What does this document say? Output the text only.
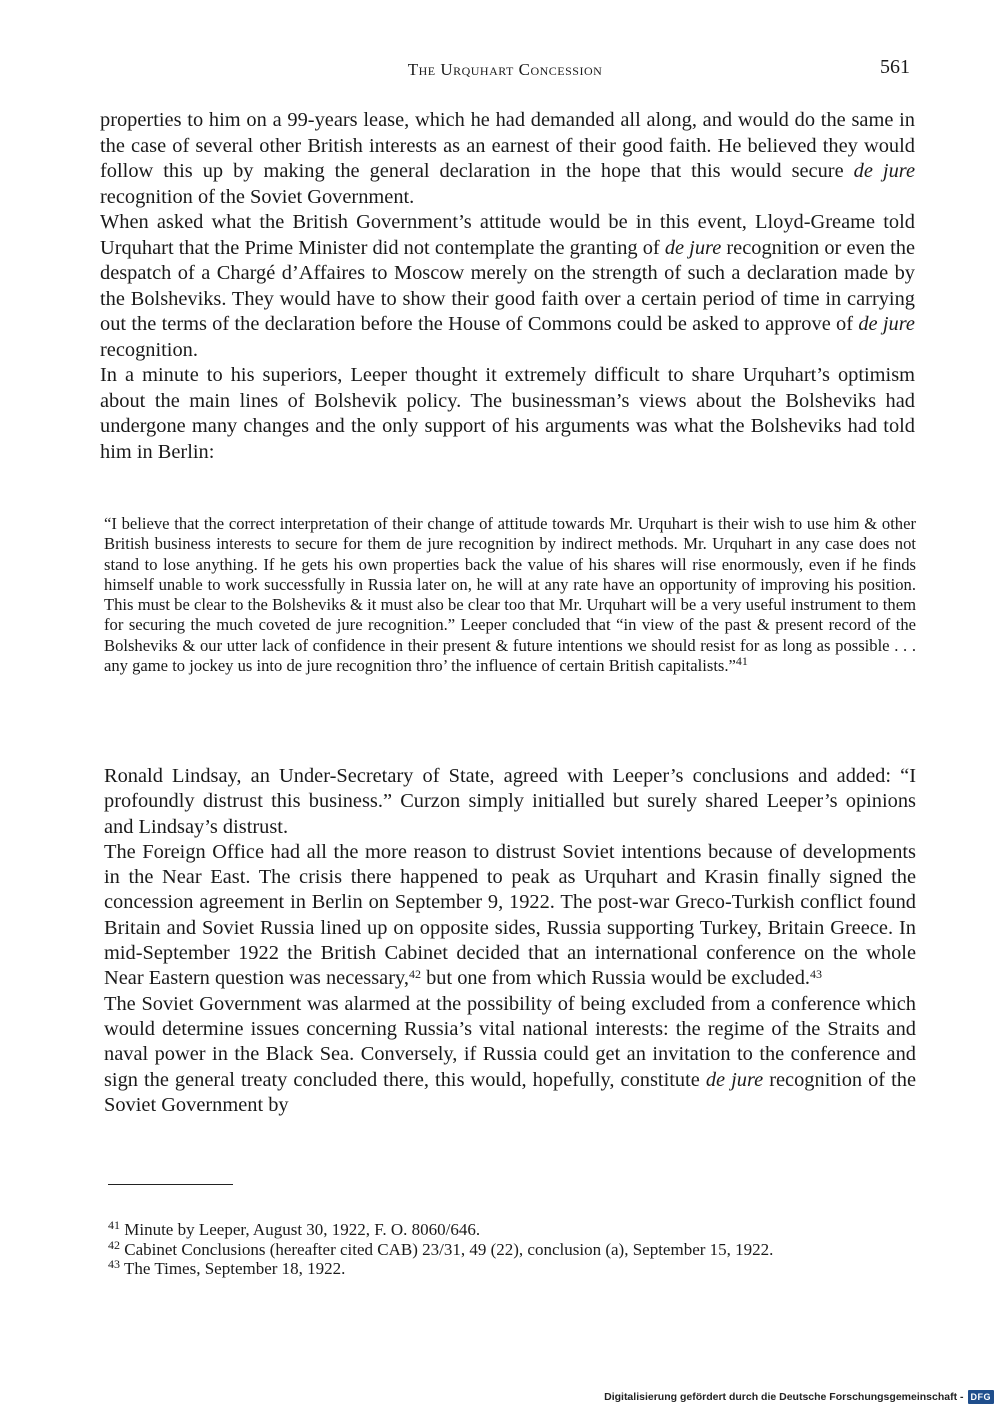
The Urquhart Concession	561

properties to him on a 99-years lease, which he had demanded all along, and would do the same in the case of several other British interests as an earnest of their good faith. He believed they would follow this up by making the general declaration in the hope that this would secure de jure recognition of the Soviet Government.

When asked what the British Government’s attitude would be in this event, Lloyd-Greame told Urquhart that the Prime Minister did not contemplate the granting of de jure recognition or even the despatch of a Chargé d’Affaires to Moscow merely on the strength of such a declaration made by the Bolsheviks. They would have to show their good faith over a certain period of time in carrying out the terms of the declaration before the House of Commons could be asked to approve of de jure recognition.

In a minute to his superiors, Leeper thought it extremely difficult to share Urquhart’s optimism about the main lines of Bolshevik policy. The businessman’s views about the Bolsheviks had undergone many changes and the only support of his arguments was what the Bolsheviks had told him in Berlin:

“I believe that the correct interpretation of their change of attitude towards Mr. Urquhart is their wish to use him & other British business interests to secure for them de jure recognition by indirect methods. Mr. Urquhart in any case does not stand to lose anything. If he gets his own properties back the value of his shares will rise enormously, even if he finds himself unable to work successfully in Russia later on, he will at any rate have an opportunity of improving his position. This must be clear to the Bolsheviks & it must also be clear too that Mr. Urquhart will be a very useful instrument to them for securing the much coveted de jure recognition.” Leeper concluded that “in view of the past & present record of the Bolsheviks & our utter lack of confidence in their present & future intentions we should resist for as long as possible . . . any game to jockey us into de jure recognition thro’ the influence of certain British capitalists.”$^{41}$

Ronald Lindsay, an Under-Secretary of State, agreed with Leeper’s conclusions and added: “I profoundly distrust this business.” Curzon simply initialled but surely shared Leeper’s opinions and Lindsay’s distrust.

The Foreign Office had all the more reason to distrust Soviet intentions because of developments in the Near East. The crisis there happened to peak as Urquhart and Krasin finally signed the concession agreement in Berlin on September 9, 1922. The post-war Greco-Turkish conflict found Britain and Soviet Russia lined up on opposite sides, Russia supporting Turkey, Britain Greece. In mid-September 1922 the British Cabinet decided that an international conference on the whole Near Eastern question was necessary,$^{42}$ but one from which Russia would be excluded.$^{43}$

The Soviet Government was alarmed at the possibility of being excluded from a conference which would determine issues concerning Russia’s vital national interests: the regime of the Straits and naval power in the Black Sea. Conversely, if Russia could get an invitation to the conference and sign the general treaty concluded there, this would, hopefully, constitute de jure recognition of the Soviet Government by

$^{41}$ Minute by Leeper, August 30, 1922, F. O. 8060/646.

$^{42}$ Cabinet Conclusions (hereafter cited CAB) 23/31, 49 (22), conclusion (a), September 15, 1922.

$^{43}$ The Times, September 18, 1922.

Digitalisierung gefördert durch die Deutsche Forschungsgemeinschaft - DFG
